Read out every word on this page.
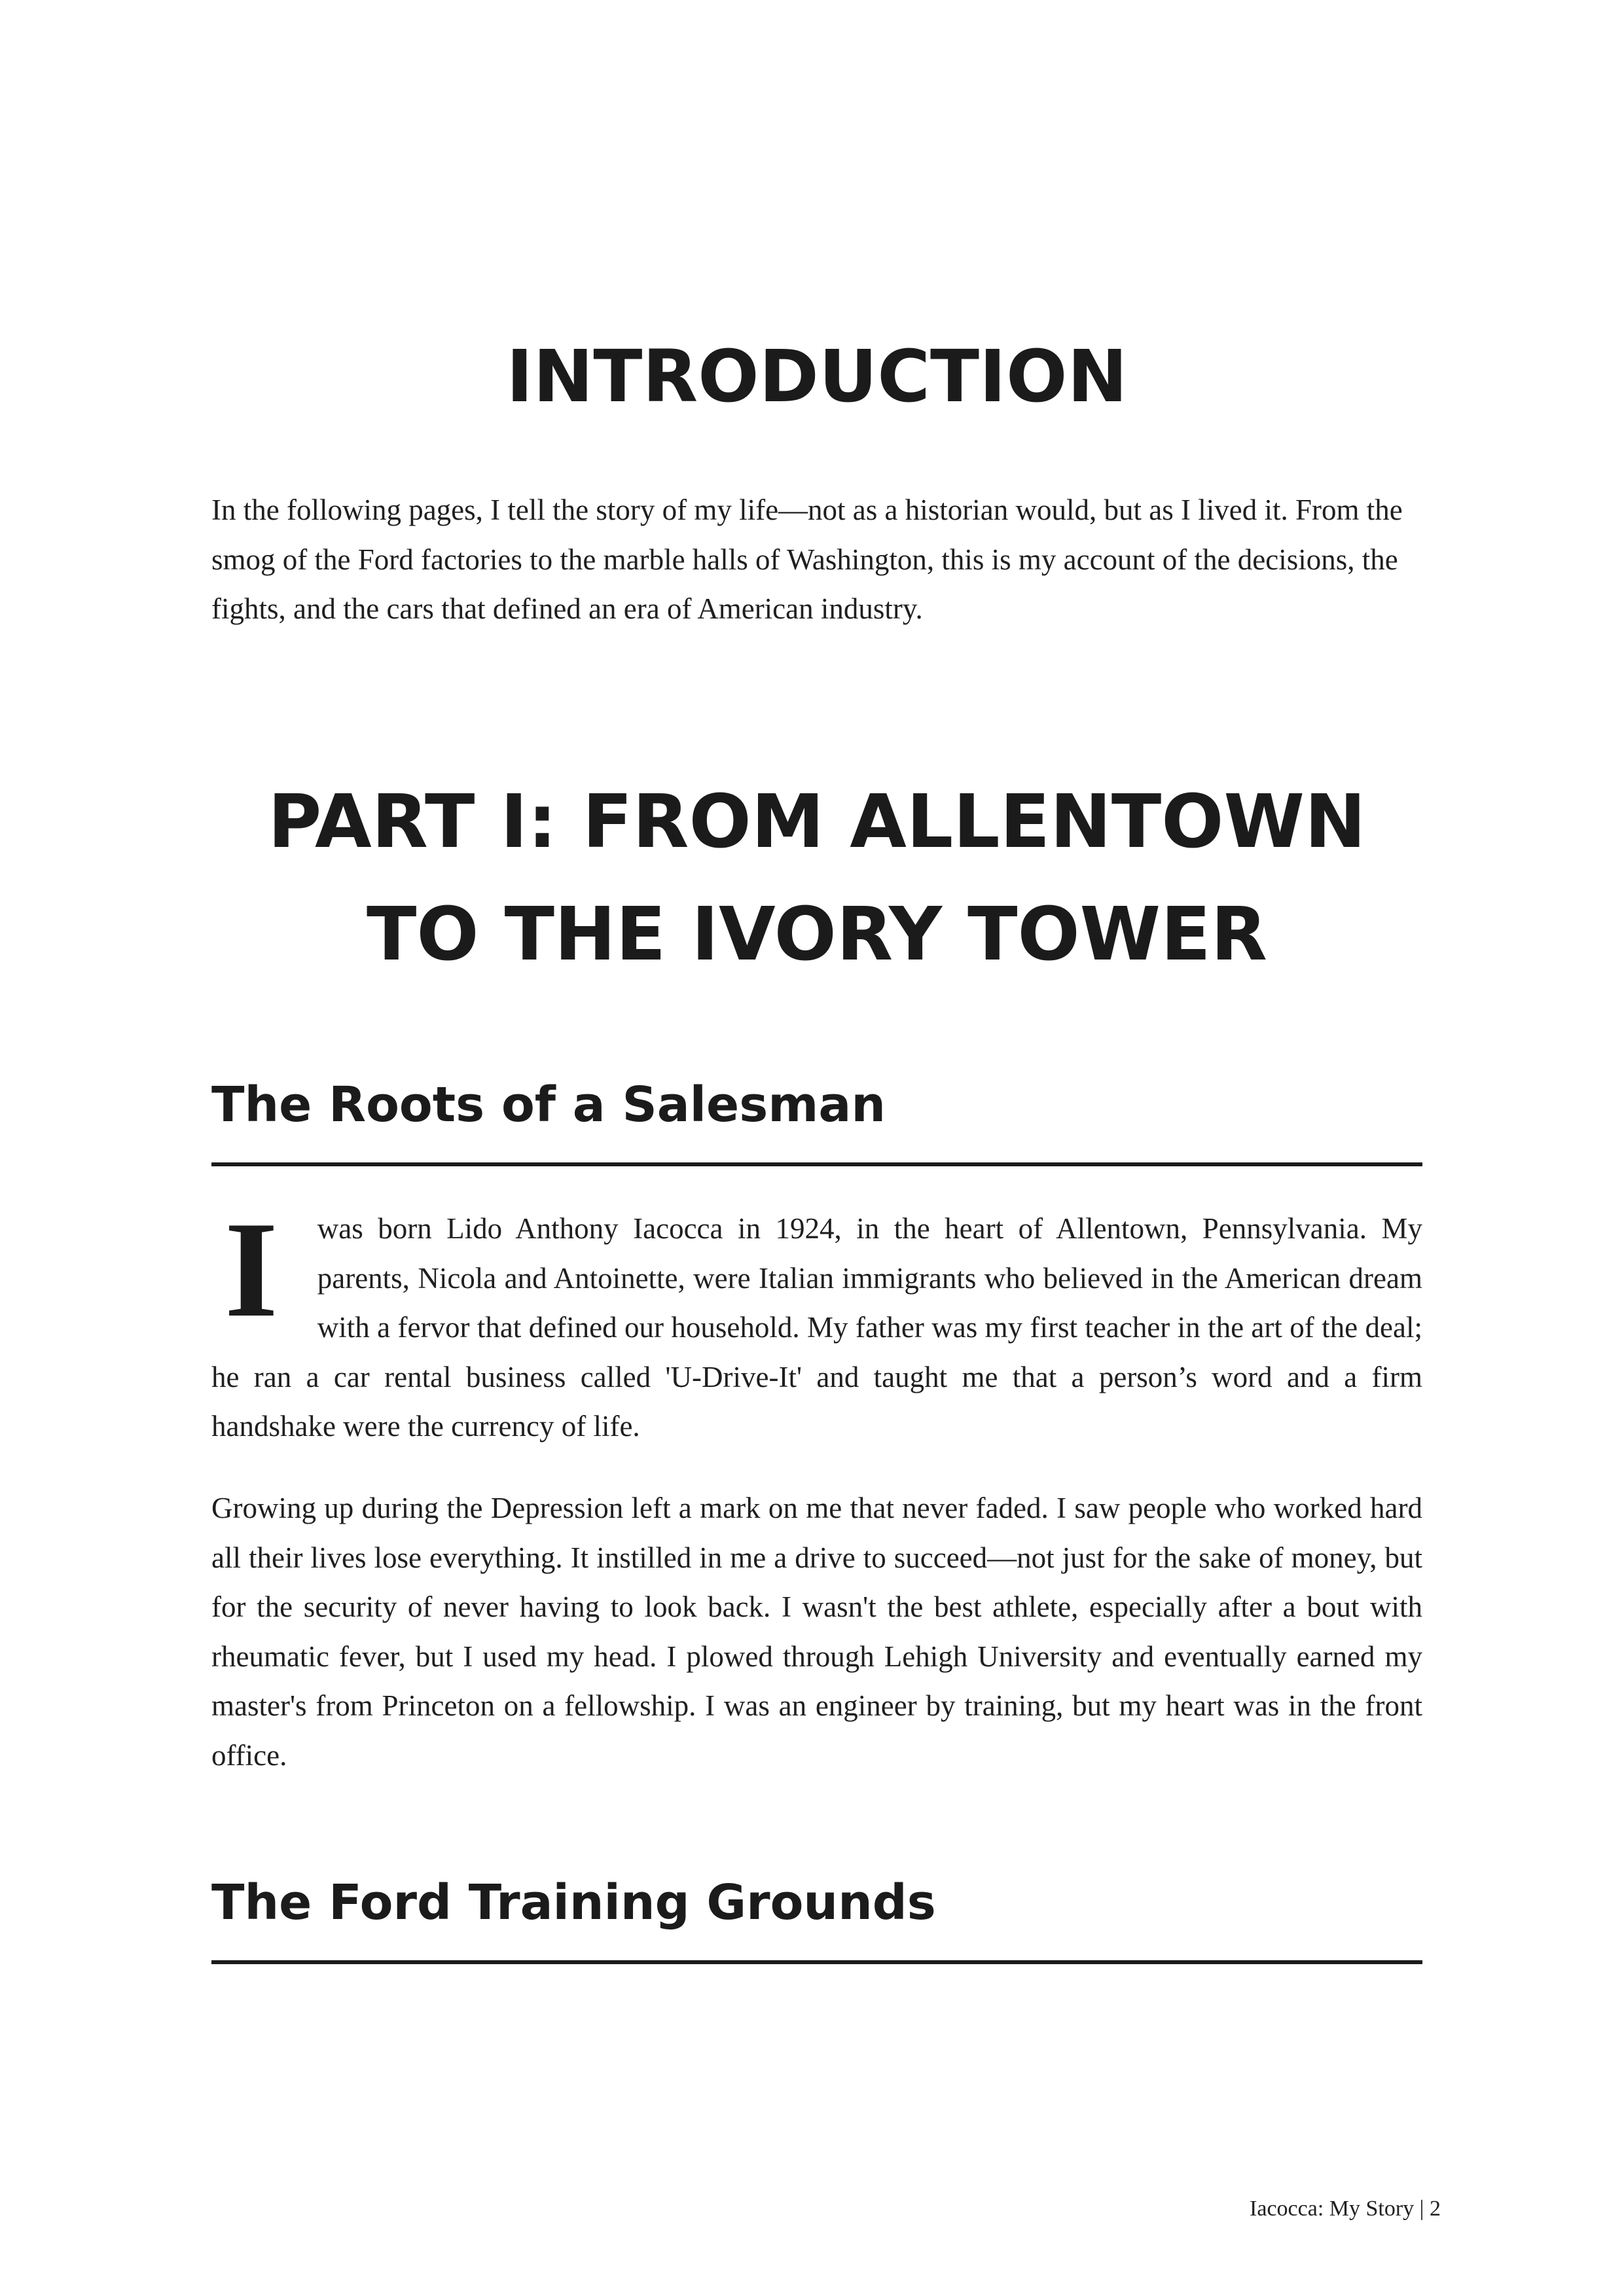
INTRODUCTION

In the following pages, I tell the story of my life—not as a historian would, but as I lived it. From the smog of the Ford factories to the marble halls of Washington, this is my account of the decisions, the fights, and the cars that defined an era of American industry.

PART I: FROM ALLENTOWN
TO THE IVORY TOWER
The Roots of a Salesman

I was born Lido Anthony Iacocca in 1924, in the heart of Allentown, Pennsylvania. My parents, Nicola and Antoinette, were Italian immigrants who believed in the American dream with a fervor that defined our household. My father was my first teacher in the art of the deal; he ran a car rental business called 'U-Drive-It' and taught me that a person’s word and a firm handshake were the currency of life.

Growing up during the Depression left a mark on me that never faded. I saw people who worked hard all their lives lose everything. It instilled in me a drive to succeed—not just for the sake of money, but for the security of never having to look back. I wasn't the best athlete, especially after a bout with rheumatic fever, but I used my head. I plowed through Lehigh University and eventually earned my master's from Princeton on a fellowship. I was an engineer by training, but my heart was in the front office.

The Ford Training Grounds
Iacocca: My Story | 2
